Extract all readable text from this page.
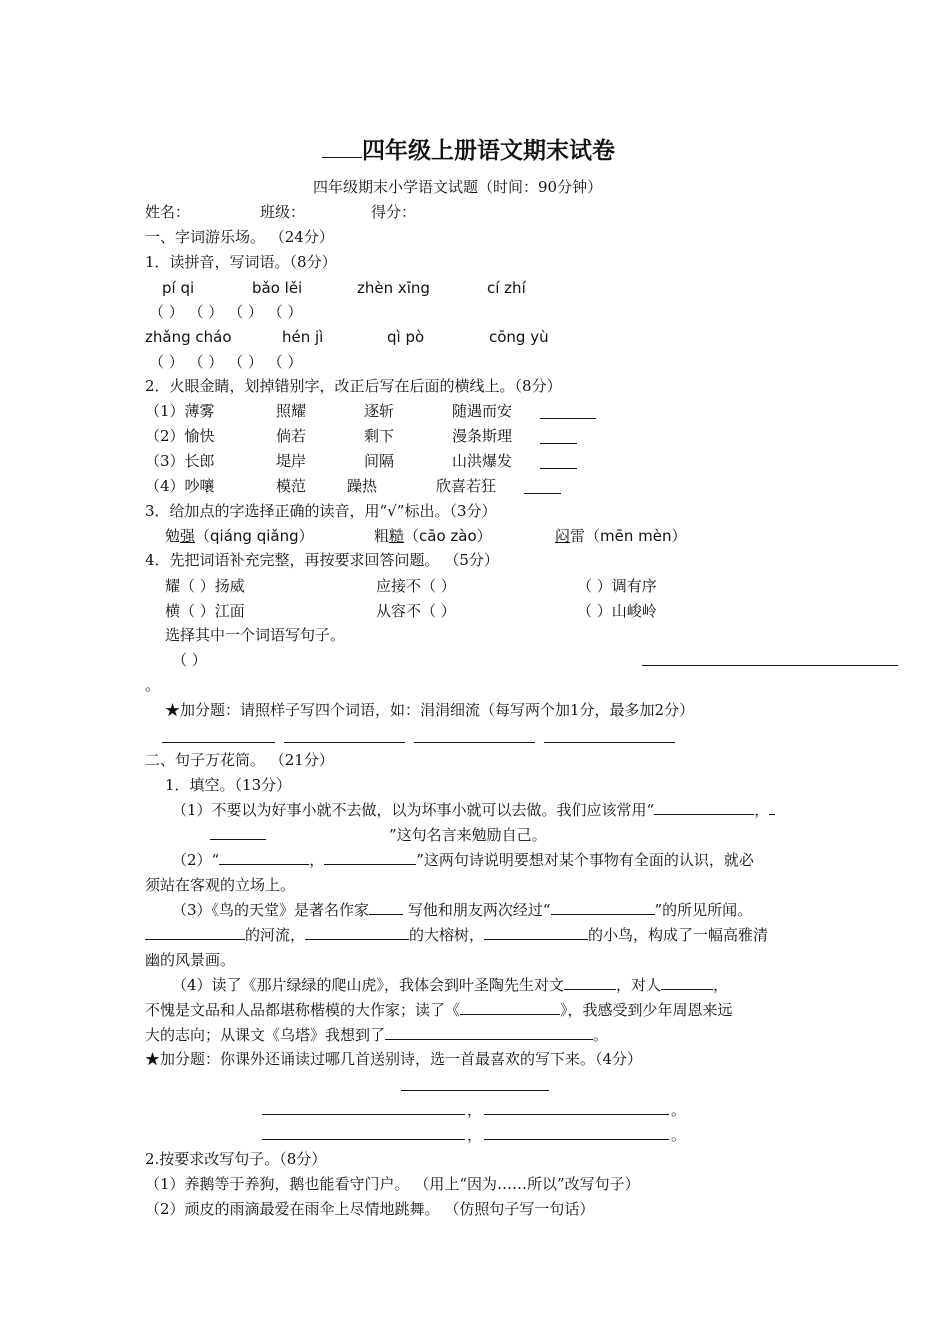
四年级上册语文期末试卷
四年级期末小学语文试题（时间：90分钟）
姓名：	班级：	得分：
一、字词游乐场。 （24分）
1．读拼音，写词语。（8分）
pí qi	bǎo lěi	zhèn xīng	cí zhí
（ ） （ ） （ ） （ ）
zhǎng cháo	hén jì	qì pò	cōng yù
（ ） （ ） （ ） （ ）
2．火眼金睛，划掉错别字，改正后写在后面的横线上。（8分）
（1）薄雾	照耀	逐斩	随遇而安
（2）愉快	倘若	剩下	漫条斯理
（3）长郎	堤岸	间隔	山洪爆发
（4）吵嚷	模范	躁热	欣喜若狂
3．给加点的字选择正确的读音，用“√”标出。（3分）
勉强（qiáng qiǎng）	粗糙（cāo zào）	闷雷（mēn mèn）
4．先把词语补充完整，再按要求回答问题。 （5分）
耀（ ）扬威	应接不（ ）	（ ）调有序
横（ ）江面	从容不（ ）	（ ）山峻岭
选择其中一个词语写句子。
（ ）
。
★加分题：请照样子写四个词语，如：涓涓细流（每写两个加1分，最多加2分）
二、句子万花筒。 （21分）
1．填空。（13分）
（1）不要以为好事小就不去做，以为坏事小就可以去做。我们应该常用“	，
”这句名言来勉励自己。
（2）“	，	”这两句诗说明要想对某个事物有全面的认识，就必
须站在客观的立场上。
（3）《鸟的天堂》是著名作家	写他和朋友两次经过“	”的所见所闻。
的河流，	的大榕树，	的小鸟，构成了一幅高雅清
幽的风景画。
（4）读了《那片绿绿的爬山虎》，我体会到叶圣陶先生对文	，对人	，
不愧是文品和人品都堪称楷模的大作家；读了《	》，我感受到少年周恩来远
大的志向；从课文《乌塔》我想到了	。
★加分题：你课外还诵读过哪几首送别诗，选一首最喜欢的写下来。（4分）
，	。
，	。
2.按要求改写句子。（8分）
（1）养鹅等于养狗，鹅也能看守门户。 （用上“因为……所以”改写句子）
（2）顽皮的雨滴最爱在雨伞上尽情地跳舞。 （仿照句子写一句话）
